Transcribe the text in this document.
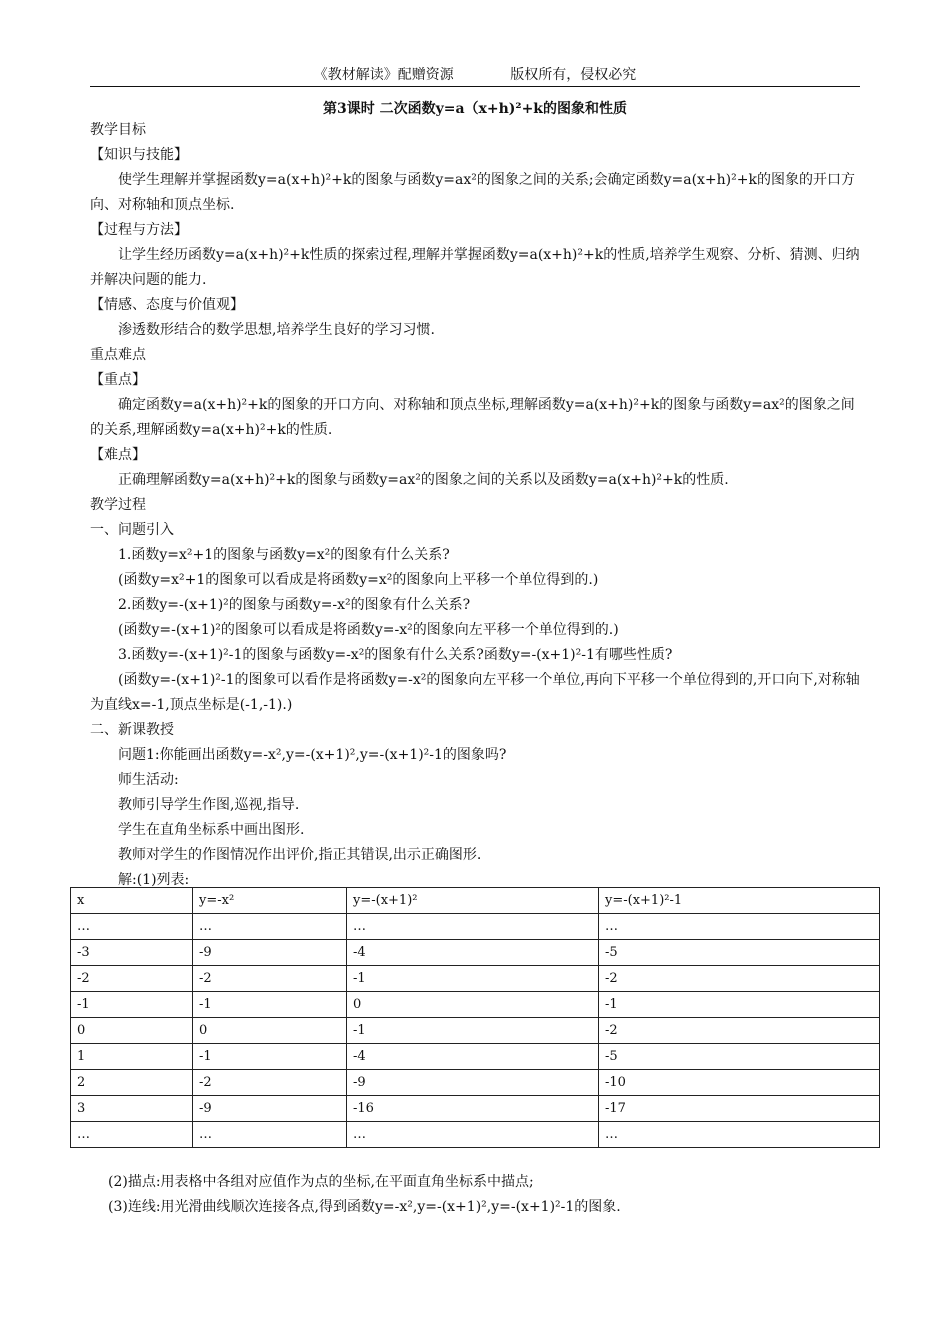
《教材解读》配赠资源	版权所有，侵权必究
第3课时 二次函数y=a（x+h)²+k的图象和性质

教学目标

【知识与技能】

使学生理解并掌握函数y=a(x+h)²+k的图象与函数y=ax²的图象之间的关系;会确定函数y=a(x+h)²+k的图象的开口方向、对称轴和顶点坐标.

【过程与方法】

让学生经历函数y=a(x+h)²+k性质的探索过程,理解并掌握函数y=a(x+h)²+k的性质,培养学生观察、分析、猜测、归纳并解决问题的能力.

【情感、态度与价值观】

渗透数形结合的数学思想,培养学生良好的学习习惯.

重点难点

【重点】

确定函数y=a(x+h)²+k的图象的开口方向、对称轴和顶点坐标,理解函数y=a(x+h)²+k的图象与函数y=ax²的图象之间的关系,理解函数y=a(x+h)²+k的性质.

【难点】

正确理解函数y=a(x+h)²+k的图象与函数y=ax²的图象之间的关系以及函数y=a(x+h)²+k的性质.

教学过程

一、问题引入

1.函数y=x²+1的图象与函数y=x²的图象有什么关系?

(函数y=x²+1的图象可以看成是将函数y=x²的图象向上平移一个单位得到的.)

2.函数y=-(x+1)²的图象与函数y=-x²的图象有什么关系?

(函数y=-(x+1)²的图象可以看成是将函数y=-x²的图象向左平移一个单位得到的.)

3.函数y=-(x+1)²-1的图象与函数y=-x²的图象有什么关系?函数y=-(x+1)²-1有哪些性质?

(函数y=-(x+1)²-1的图象可以看作是将函数y=-x²的图象向左平移一个单位,再向下平移一个单位得到的,开口向下,对称轴为直线x=-1,顶点坐标是(-1,-1).)

二、新课教授

问题1:你能画出函数y=-x²,y=-(x+1)²,y=-(x+1)²-1的图象吗?

师生活动:

教师引导学生作图,巡视,指导.

学生在直角坐标系中画出图形.

教师对学生的作图情况作出评价,指正其错误,出示正确图形.

解:(1)列表:

x	y=-x²	y=-(x+1)²	y=-(x+1)²-1
…	…	…	…
-3	-9	-4	-5
-2	-2	-1	-2
-1	-1	0	-1
0	0	-1	-2
1	-1	-4	-5
2	-2	-9	-10
3	-9	-16	-17
…	…	…	…

(2)描点:用表格中各组对应值作为点的坐标,在平面直角坐标系中描点;

(3)连线:用光滑曲线顺次连接各点,得到函数y=-x²,y=-(x+1)²,y=-(x+1)²-1的图象.
